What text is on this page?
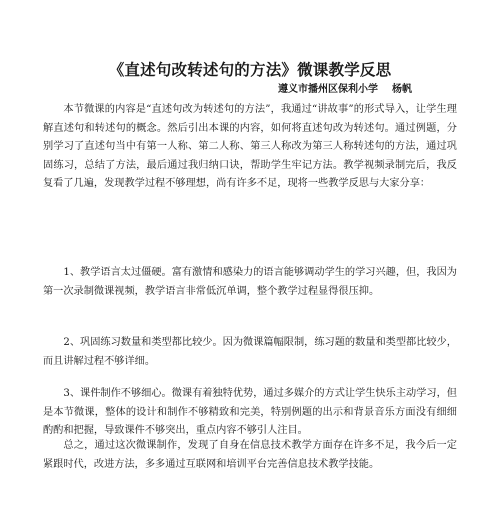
《直述句改转述句的方法》微课教学反思
遵义市播州区保利小学 杨帆

本节微课的内容是“直述句改为转述句的方法”，我通过“讲故事”的形式导入，让学生理解直述句和转述句的概念。然后引出本课的内容，如何将直述句改为转述句。通过例题，分别学习了直述句当中有第一人称、第二人称、第三人称改为第三人称转述句的方法，通过巩固练习，总结了方法，最后通过我归纳口诀，帮助学生牢记方法。教学视频录制完后，我反复看了几遍，发现教学过程不够理想，尚有许多不足，现将一些教学反思与大家分享：

1、教学语言太过僵硬。富有激情和感染力的语言能够调动学生的学习兴趣，但，我因为第一次录制微课视频，教学语言非常低沉单调，整个教学过程显得很压抑。

2、巩固练习数量和类型都比较少。因为微课篇幅限制，练习题的数量和类型都比较少，而且讲解过程不够详细。

3、课件制作不够细心。微课有着独特优势，通过多媒介的方式让学生快乐主动学习，但是本节微课，整体的设计和制作不够精致和完美，特别例题的出示和背景音乐方面没有细细酌酌和把握，导致课件不够突出，重点内容不够引人注目。

总之，通过这次微课制作，发现了自身在信息技术教学方面存在许多不足，我今后一定紧跟时代，改进方法，多多通过互联网和培训平台完善信息技术教学技能。
